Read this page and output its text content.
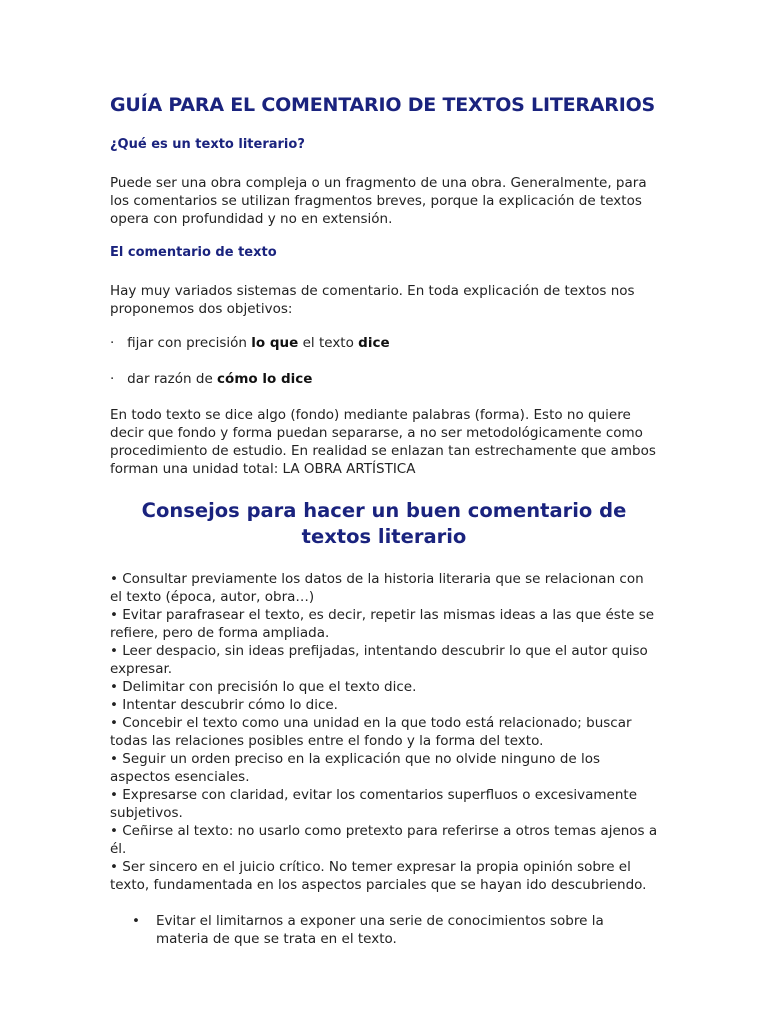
GUÍA PARA EL COMENTARIO DE TEXTOS LITERARIOS
¿Qué es un texto literario?

Puede ser una obra compleja o un fragmento de una obra. Generalmente, para los comentarios se utilizan fragmentos breves, porque la explicación de textos opera con profundidad y no en extensión.

El comentario de texto

Hay muy variados sistemas de comentario. En toda explicación de textos nos proponemos dos objetivos:

· fijar con precisión lo que el texto dice
· dar razón de cómo lo dice

En todo texto se dice algo (fondo) mediante palabras (forma). Esto no quiere decir que fondo y forma puedan separarse, a no ser metodológicamente como procedimiento de estudio. En realidad se enlazan tan estrechamente que ambos forman una unidad total: LA OBRA ARTÍSTICA

Consejos para hacer un buen comentario de textos literario

• Consultar previamente los datos de la historia literaria que se relacionan con el texto (época, autor, obra…)

• Evitar parafrasear el texto, es decir, repetir las mismas ideas a las que éste se refiere, pero de forma ampliada.

• Leer despacio, sin ideas prefijadas, intentando descubrir lo que el autor quiso expresar.

• Delimitar con precisión lo que el texto dice.

• Intentar descubrir cómo lo dice.

• Concebir el texto como una unidad en la que todo está relacionado; buscar todas las relaciones posibles entre el fondo y la forma del texto.

• Seguir un orden preciso en la explicación que no olvide ninguno de los aspectos esenciales.

• Expresarse con claridad, evitar los comentarios superfluos o excesivamente subjetivos.

• Ceñirse al texto: no usarlo como pretexto para referirse a otros temas ajenos a él.

• Ser sincero en el juicio crítico. No temer expresar la propia opinión sobre el texto, fundamentada en los aspectos parciales que se hayan ido descubriendo.

• Evitar el limitarnos a exponer una serie de conocimientos sobre la materia de que se trata en el texto.
